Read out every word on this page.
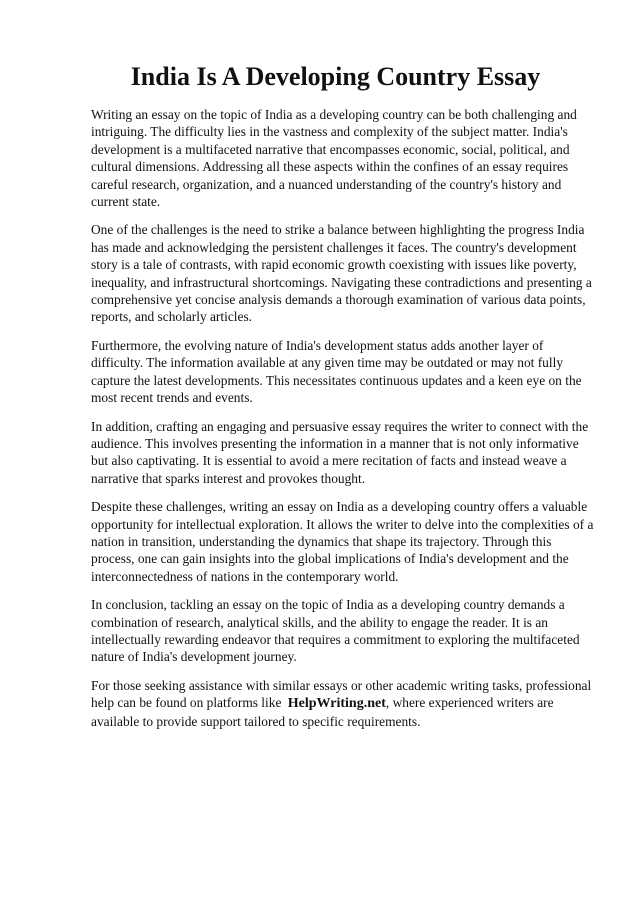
India Is A Developing Country Essay

Writing an essay on the topic of India as a developing country can be both challenging and intriguing. The difficulty lies in the vastness and complexity of the subject matter. India's development is a multifaceted narrative that encompasses economic, social, political, and cultural dimensions. Addressing all these aspects within the confines of an essay requires careful research, organization, and a nuanced understanding of the country's history and current state.

One of the challenges is the need to strike a balance between highlighting the progress India has made and acknowledging the persistent challenges it faces. The country's development story is a tale of contrasts, with rapid economic growth coexisting with issues like poverty, inequality, and infrastructural shortcomings. Navigating these contradictions and presenting a comprehensive yet concise analysis demands a thorough examination of various data points, reports, and scholarly articles.

Furthermore, the evolving nature of India's development status adds another layer of difficulty. The information available at any given time may be outdated or may not fully capture the latest developments. This necessitates continuous updates and a keen eye on the most recent trends and events.

In addition, crafting an engaging and persuasive essay requires the writer to connect with the audience. This involves presenting the information in a manner that is not only informative but also captivating. It is essential to avoid a mere recitation of facts and instead weave a narrative that sparks interest and provokes thought.

Despite these challenges, writing an essay on India as a developing country offers a valuable opportunity for intellectual exploration. It allows the writer to delve into the complexities of a nation in transition, understanding the dynamics that shape its trajectory. Through this process, one can gain insights into the global implications of India's development and the interconnectedness of nations in the contemporary world.

In conclusion, tackling an essay on the topic of India as a developing country demands a combination of research, analytical skills, and the ability to engage the reader. It is an intellectually rewarding endeavor that requires a commitment to exploring the multifaceted nature of India's development journey.

For those seeking assistance with similar essays or other academic writing tasks, professional help can be found on platforms like HelpWriting.net, where experienced writers are available to provide support tailored to specific requirements.
